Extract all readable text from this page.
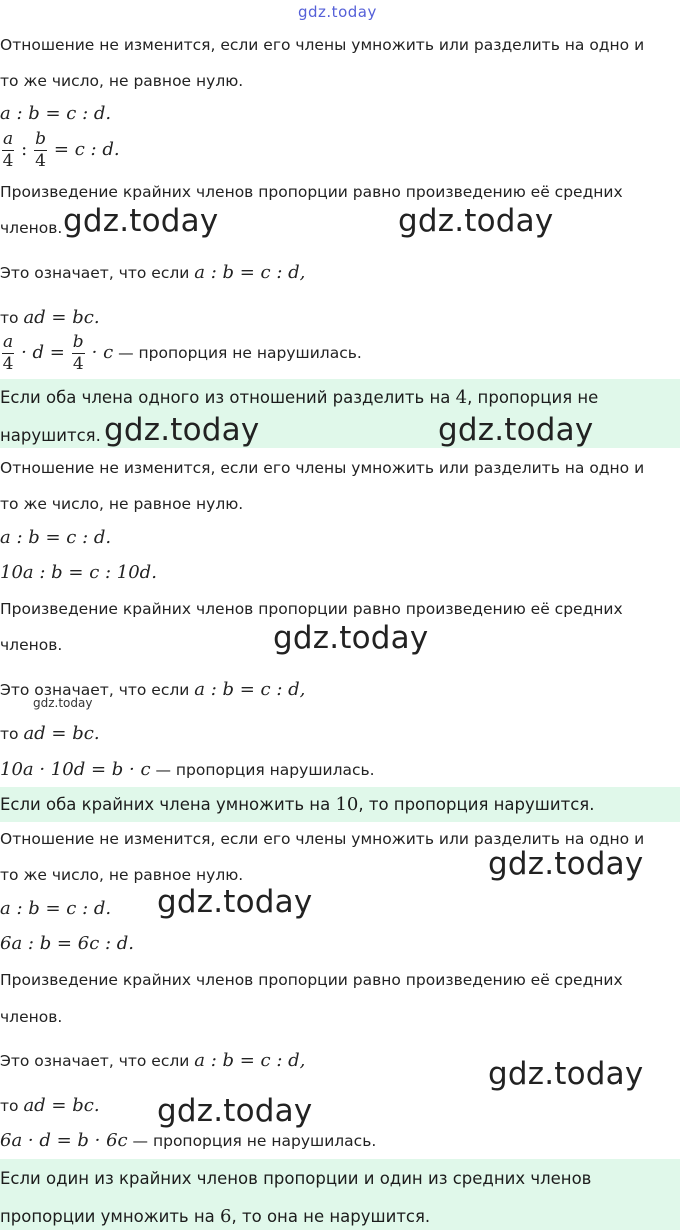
gdz.today
Отношение не изменится, если его члены умножить или разделить на одно и
то же число, не равное нулю.
a : b = c : d.
$\frac{a}{4}$ : $\frac{b}{4} = c$ : d.
Произведение крайних членов пропорции равно произведению её средних
членов. gdz.today	gdz.today
Это означает, что если a : b = c : d,
то ad = bc.
$\frac{a}{4} \cdot d = \frac{b}{4} \cdot c$ — пропорция не нарушилась.
Если оба члена одного из отношений разделить на 4, пропорция не
нарушится. gdz.today	gdz.today
Отношение не изменится, если его члены умножить или разделить на одно и
то же число, не равное нулю.
a : b = c : d.
10a : b = c : 10d.
Произведение крайних членов пропорции равно произведению её средних
членов.	gdz.today
Это означает, что если a : b = c : d,
gdz.today
то ad = bc.
10a · 10d = b · c — пропорция нарушилась.
Если оба крайних члена умножить на 10, то пропорция нарушится.
Отношение не изменится, если его члены умножить или разделить на одно и
gdz.today
то же число, не равное нулю.
a : b = c : d. gdz.today
6a : b = 6c : d.
Произведение крайних членов пропорции равно произведению её средних
членов.
Это означает, что если a : b = c : d,	gdz.today
то ad = bc. gdz.today
6a · d = b · 6c — пропорция не нарушилась.
Если один из крайних членов пропорции и один из средних членов
пропорции умножить на 6, то она не нарушится.
